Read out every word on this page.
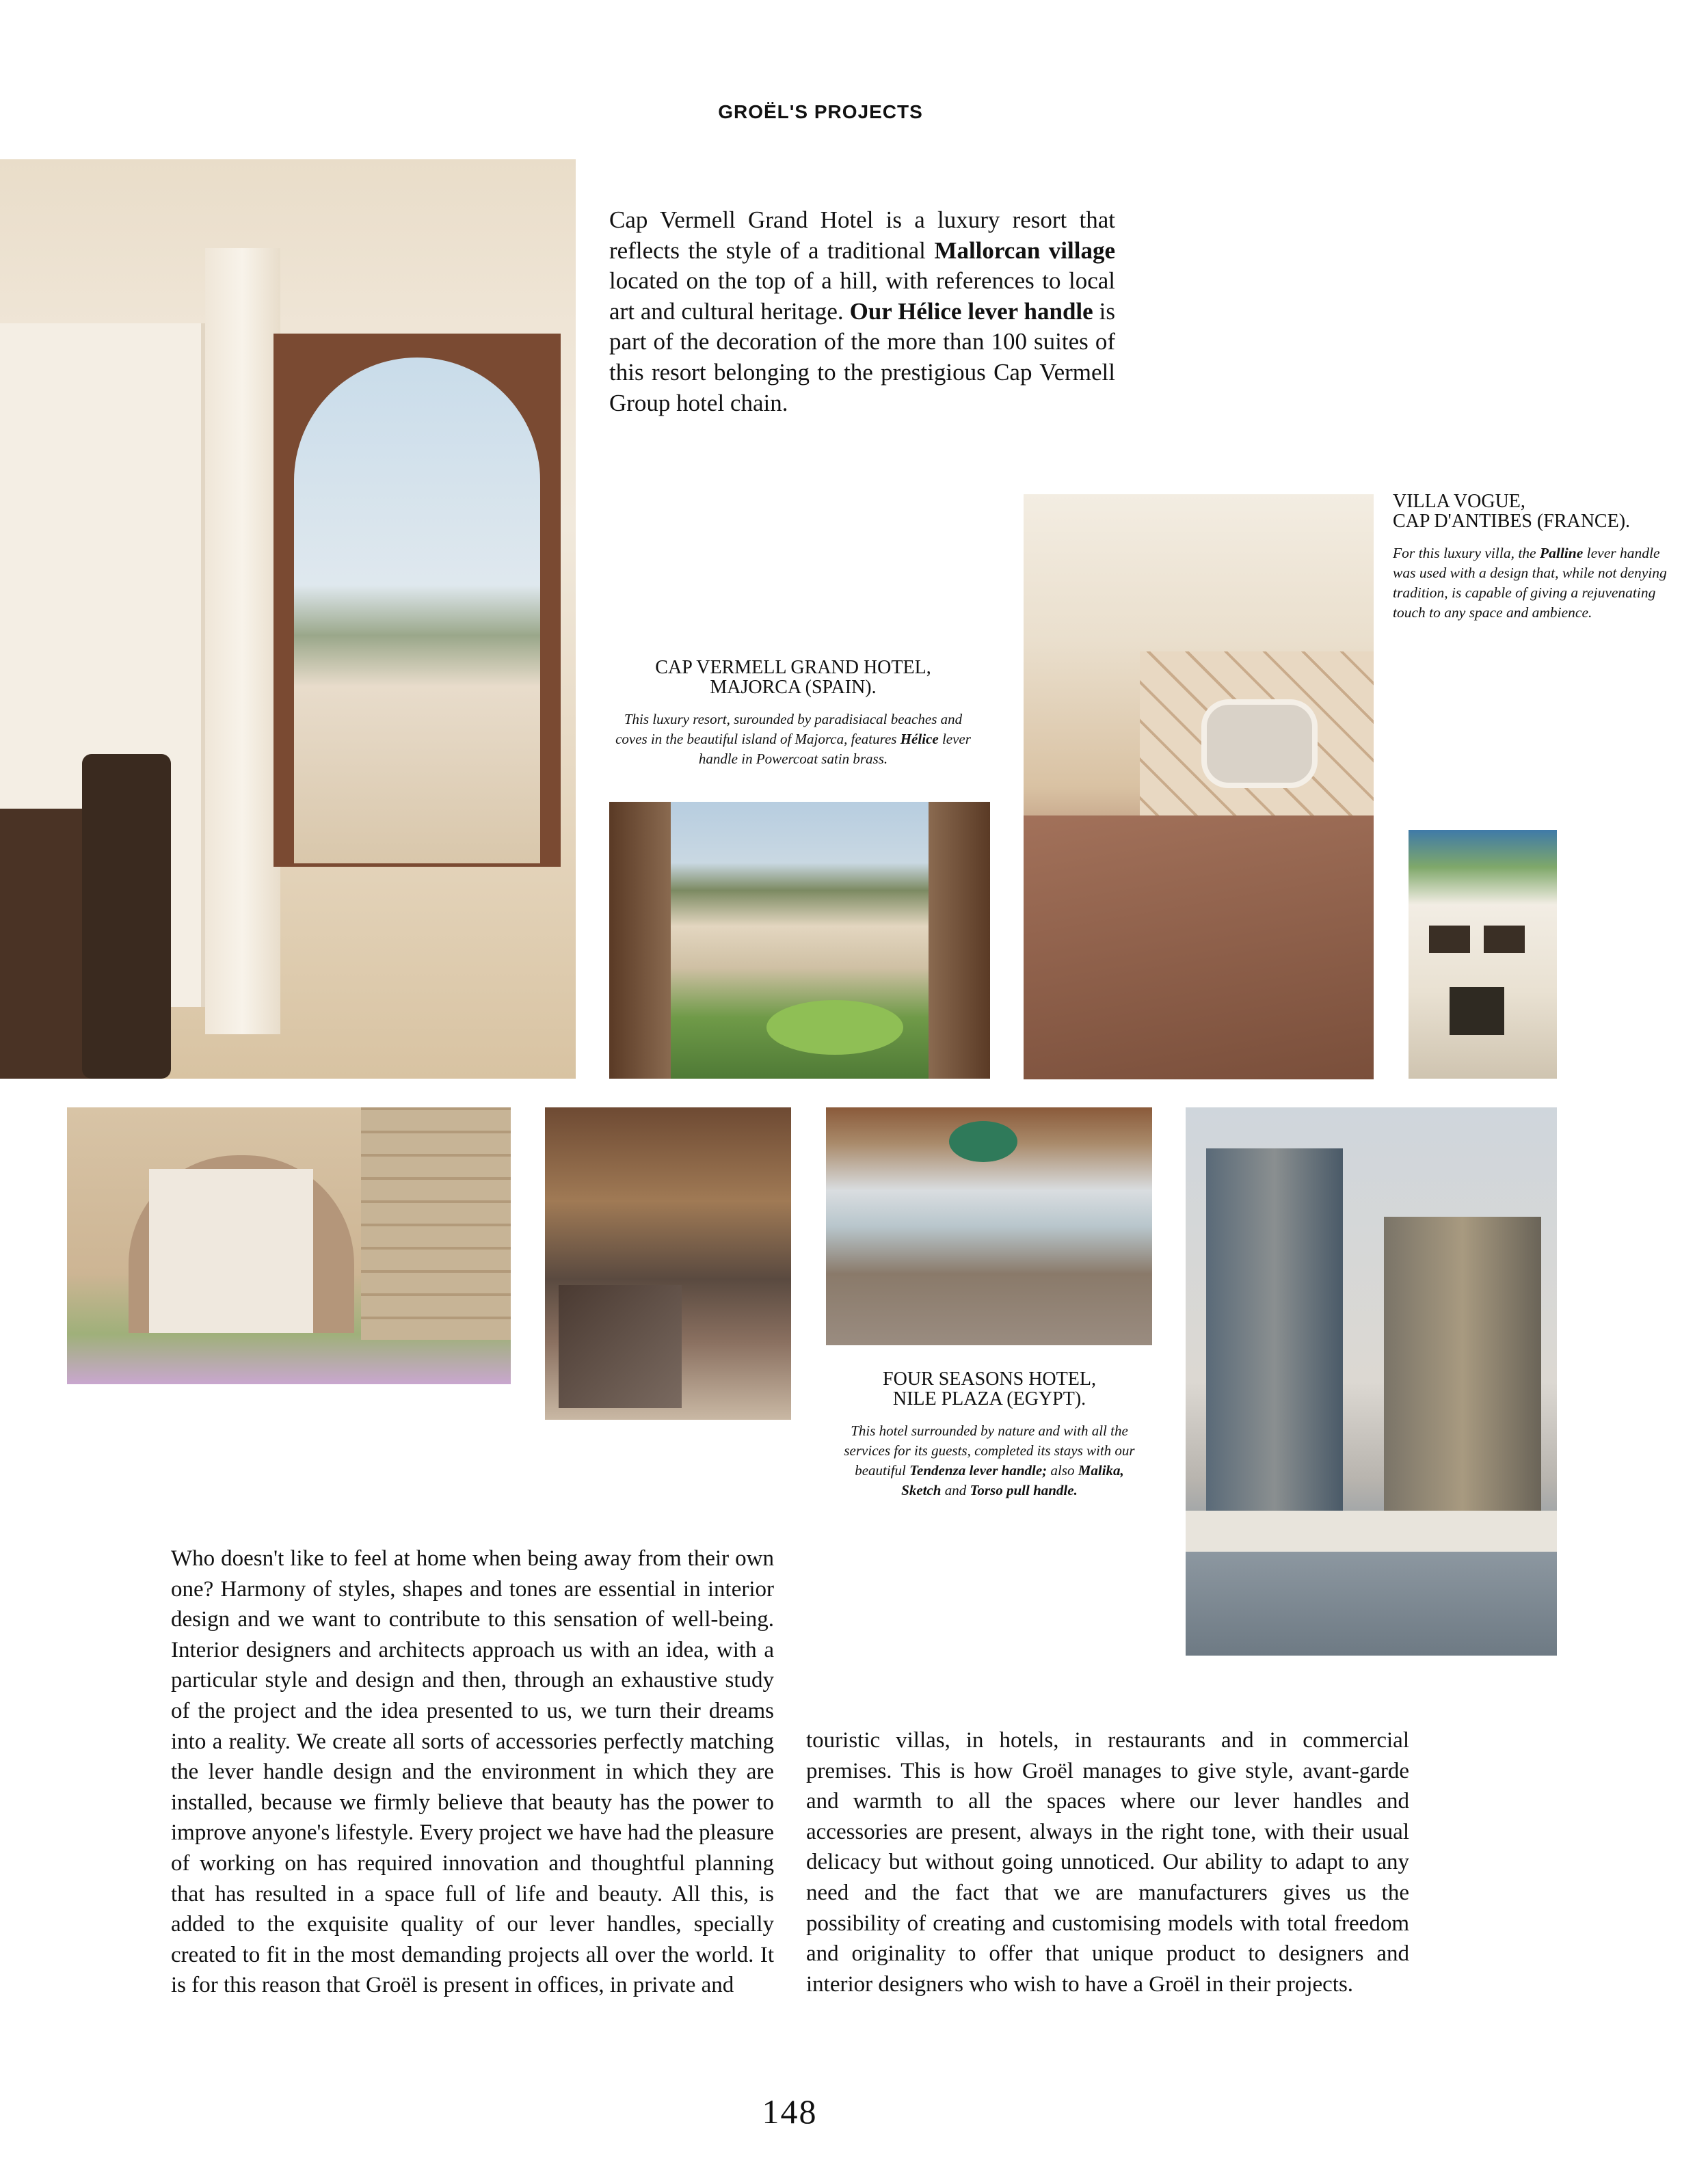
GROËL'S PROJECTS
Cap Vermell Grand Hotel is a luxury resort that reflects the style of a traditional Mallorcan village located on the top of a hill, with references to local art and cultural heritage. Our Hélice lever handle is part of the decoration of the more than 100 suites of this resort belonging to the prestigious Cap Vermell Group hotel chain.
CAP VERMELL GRAND HOTEL,
MAJORCA (SPAIN).
This luxury resort, surounded by paradisiacal beaches and coves in the beautiful island of Majorca, features Hélice lever handle in Powercoat satin brass.
VILLA VOGUE,
CAP D'ANTIBES (FRANCE).
For this luxury villa, the Palline lever handle was used with a design that, while not denying tradition, is capable of giving a rejuvenating touch to any space and ambience.
FOUR SEASONS HOTEL,
NILE PLAZA (EGYPT).
This hotel surrounded by nature and with all the services for its guests, completed its stays with our beautiful Tendenza lever handle; also Malika, Sketch and Torso pull handle.
Who doesn't like to feel at home when being away from their own one? Harmony of styles, shapes and tones are essential in interior design and we want to contribute to this sensation of well-being. Interior designers and architects approach us with an idea, with a particular style and design and then, through an exhaustive study of the project and the idea presented to us, we turn their dreams into a reality. We create all sorts of accessories perfectly matching the lever handle design and the environment in which they are installed, because we firmly believe that beauty has the power to improve anyone's lifestyle. Every project we have had the pleasure of working on has required innovation and thoughtful planning that has resulted in a space full of life and beauty. All this, is added to the exquisite quality of our lever handles, specially created to fit in the most demanding projects all over the world. It is for this reason that Groël is present in offices, in private and
touristic villas, in hotels, in restaurants and in commercial premises. This is how Groël manages to give style, avant-garde and warmth to all the spaces where our lever handles and accessories are present, always in the right tone, with their usual delicacy but without going unnoticed. Our ability to adapt to any need and the fact that we are manufacturers gives us the possibility of creating and customising models with total freedom and originality to offer that unique product to designers and interior designers who wish to have a Groël in their projects.
148
